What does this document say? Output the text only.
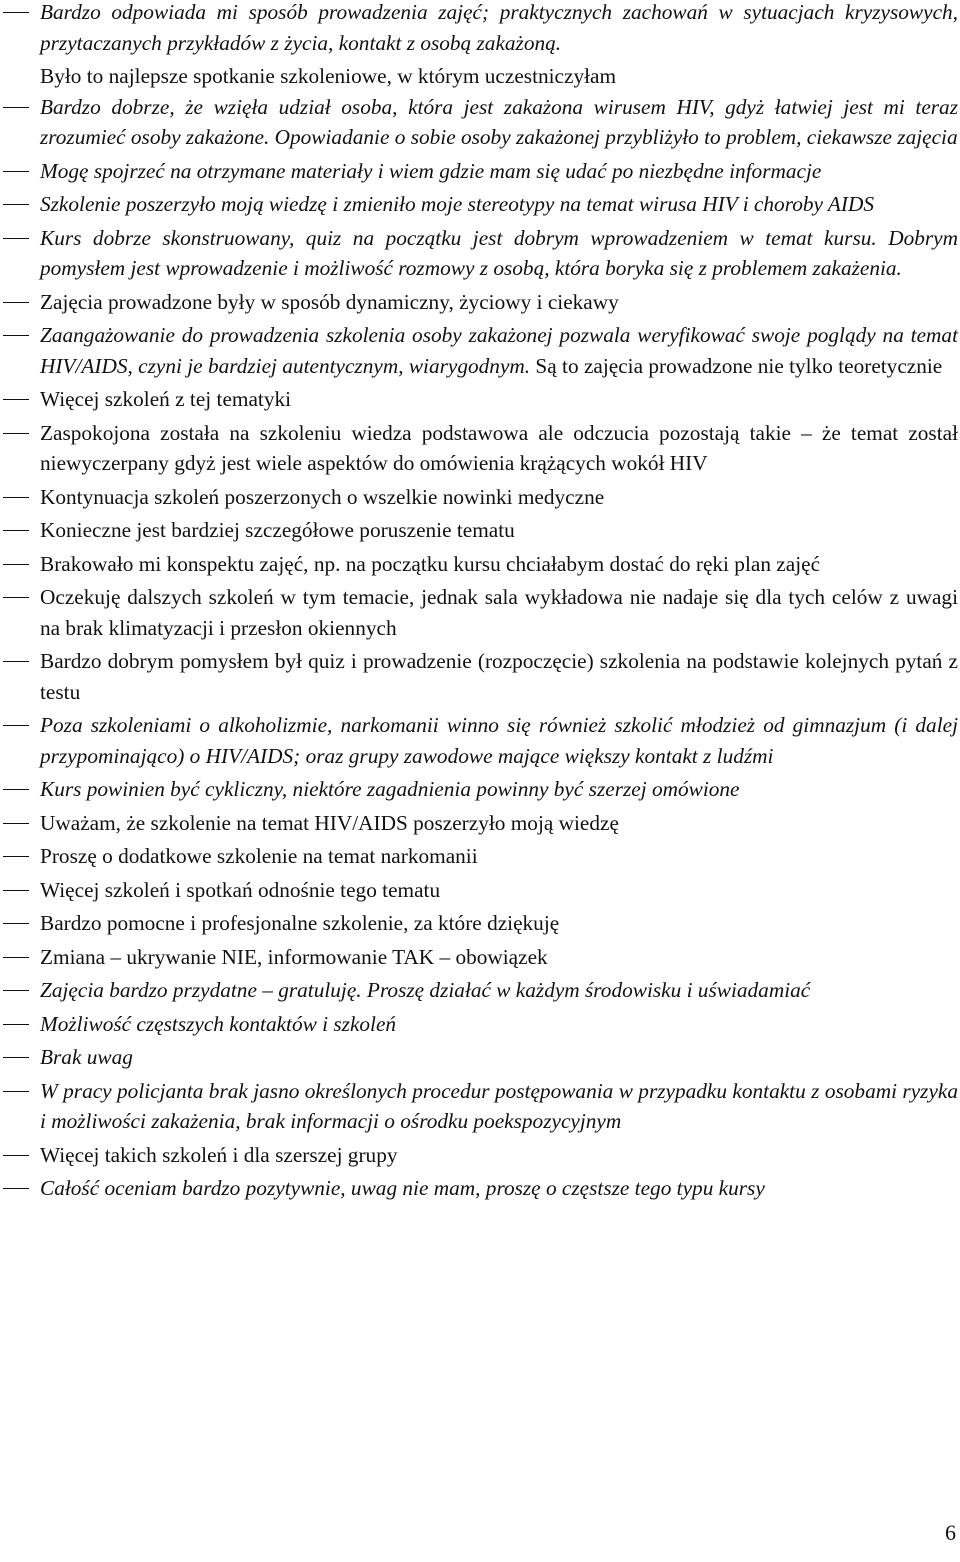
Bardzo odpowiada mi sposób prowadzenia zajęć; praktycznych zachowań w sytuacjach kryzysowych, przytaczanych przykładów z życia, kontakt z osobą zakażoną.
Było to najlepsze spotkanie szkoleniowe, w którym uczestniczyłam
Bardzo dobrze, że wzięła udział osoba, która jest zakażona wirusem HIV, gdyż łatwiej jest mi teraz zrozumieć osoby zakażone. Opowiadanie o sobie osoby zakażonej przybliżyło to problem, ciekawsze zajęcia
Mogę spojrzeć na otrzymane materiały i wiem gdzie mam się udać po niezbędne informacje
Szkolenie poszerzyło moją wiedzę i zmieniło moje stereotypy na temat wirusa HIV i choroby AIDS
Kurs dobrze skonstruowany, quiz na początku jest dobrym wprowadzeniem w temat kursu. Dobrym pomysłem jest wprowadzenie i możliwość rozmowy z osobą, która boryka się z problemem zakażenia.
Zajęcia prowadzone były w sposób dynamiczny, życiowy i ciekawy
Zaangażowanie do prowadzenia szkolenia osoby zakażonej pozwala weryfikować swoje poglądy na temat HIV/AIDS, czyni je bardziej autentycznym, wiarygodnym. Są to zajęcia prowadzone nie tylko teoretycznie
Więcej szkoleń z tej tematyki
Zaspokojona została na szkoleniu wiedza podstawowa ale odczucia pozostają takie – że temat został niewyczerpany gdyż jest wiele aspektów do omówienia krążących wokół HIV
Kontynuacja szkoleń poszerzonych o wszelkie nowinki medyczne
Konieczne jest bardziej szczegółowe poruszenie tematu
Brakowało mi konspektu zajęć, np. na początku kursu chciałabym dostać do ręki plan zajęć
Oczekuję dalszych szkoleń w tym temacie, jednak sala wykładowa nie nadaje się dla tych celów z uwagi na brak klimatyzacji i przesłon okiennych
Bardzo dobrym pomysłem był quiz i prowadzenie (rozpoczęcie) szkolenia na podstawie kolejnych pytań z testu
Poza szkoleniami o alkoholizmie, narkomanii winno się również szkolić młodzież od gimnazjum (i dalej przypominająco) o HIV/AIDS; oraz grupy zawodowe mające większy kontakt z ludźmi
Kurs powinien być cykliczny, niektóre zagadnienia powinny być szerzej omówione
Uważam, że szkolenie na temat HIV/AIDS poszerzyło moją wiedzę
Proszę o dodatkowe szkolenie na temat narkomanii
Więcej szkoleń i spotkań odnośnie tego tematu
Bardzo pomocne i profesjonalne szkolenie, za które dziękuję
Zmiana – ukrywanie NIE, informowanie TAK – obowiązek
Zajęcia bardzo przydatne – gratuluję. Proszę działać w każdym środowisku i uświadamiać
Możliwość częstszych kontaktów i szkoleń
Brak uwag
W pracy policjanta brak jasno określonych procedur postępowania w przypadku kontaktu z osobami ryzyka i możliwości zakażenia, brak informacji o ośrodku poekspozycyjnym
Więcej takich szkoleń i dla szerszej grupy
Całość oceniam bardzo pozytywnie, uwag nie mam, proszę o częstsze tego typu kursy
6
